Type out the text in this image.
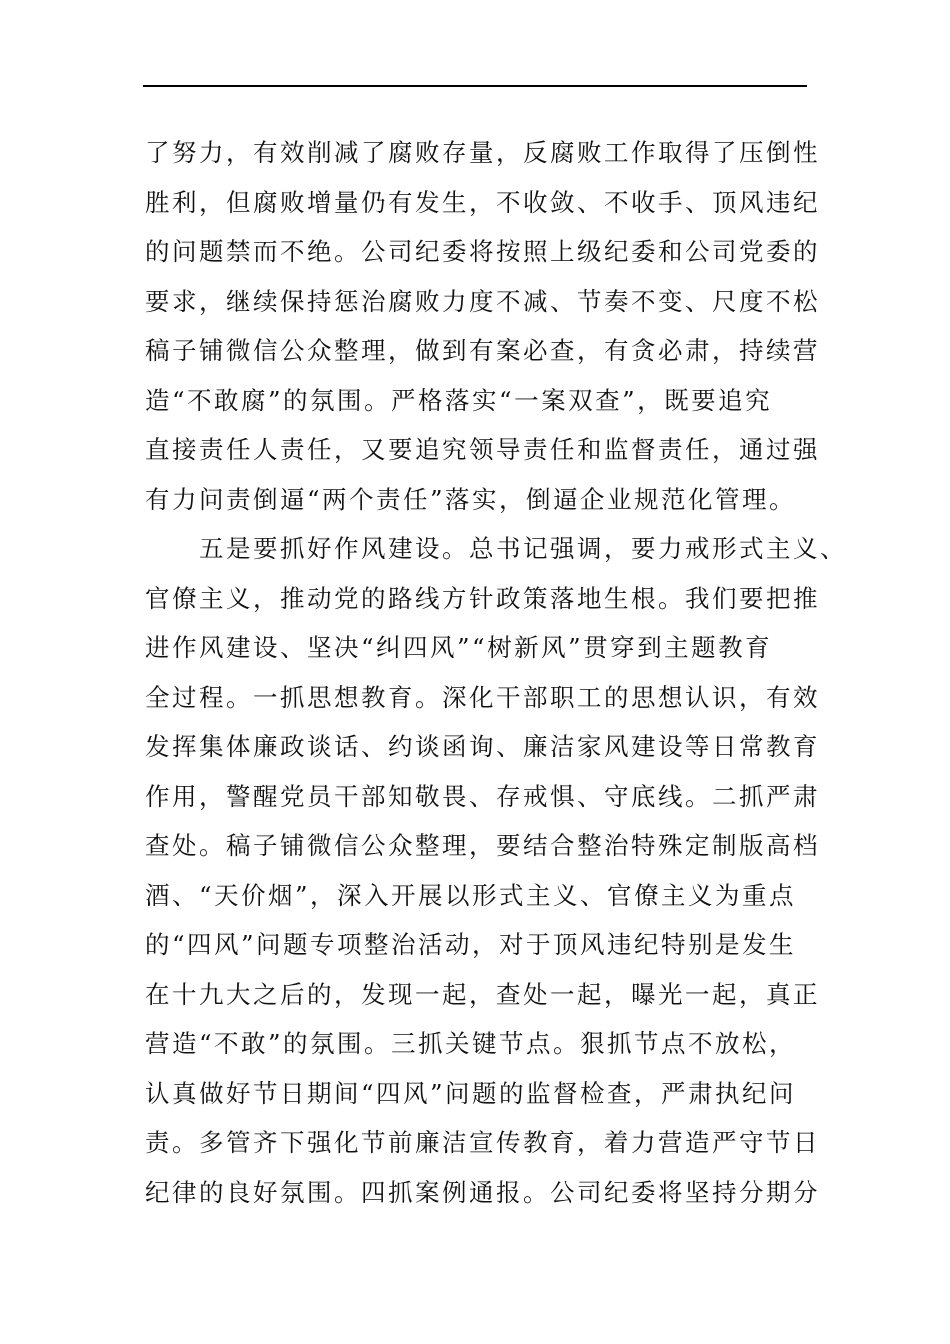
了努力，有效削减了腐败存量，反腐败工作取得了压倒性
胜利，但腐败增量仍有发生，不收敛、不收手、顶风违纪
的问题禁而不绝。公司纪委将按照上级纪委和公司党委的
要求，继续保持惩治腐败力度不减、节奏不变、尺度不松
稿子铺微信公众整理，做到有案必查，有贪必肃，持续营
造“不敢腐”的氛围。严格落实“一案双查”，既要追究
直接责任人责任，又要追究领导责任和监督责任，通过强
有力问责倒逼“两个责任”落实，倒逼企业规范化管理。
　　五是要抓好作风建设。总书记强调，要力戒形式主义、
官僚主义，推动党的路线方针政策落地生根。我们要把推
进作风建设、坚决“纠四风”“树新风”贯穿到主题教育
全过程。一抓思想教育。深化干部职工的思想认识，有效
发挥集体廉政谈话、约谈函询、廉洁家风建设等日常教育
作用，警醒党员干部知敬畏、存戒惧、守底线。二抓严肃
查处。稿子铺微信公众整理，要结合整治特殊定制版高档
酒、“天价烟”，深入开展以形式主义、官僚主义为重点
的“四风”问题专项整治活动，对于顶风违纪特别是发生
在十九大之后的，发现一起，查处一起，曝光一起，真正
营造“不敢”的氛围。三抓关键节点。狠抓节点不放松，
认真做好节日期间“四风”问题的监督检查，严肃执纪问
责。多管齐下强化节前廉洁宣传教育，着力营造严守节日
纪律的良好氛围。四抓案例通报。公司纪委将坚持分期分
